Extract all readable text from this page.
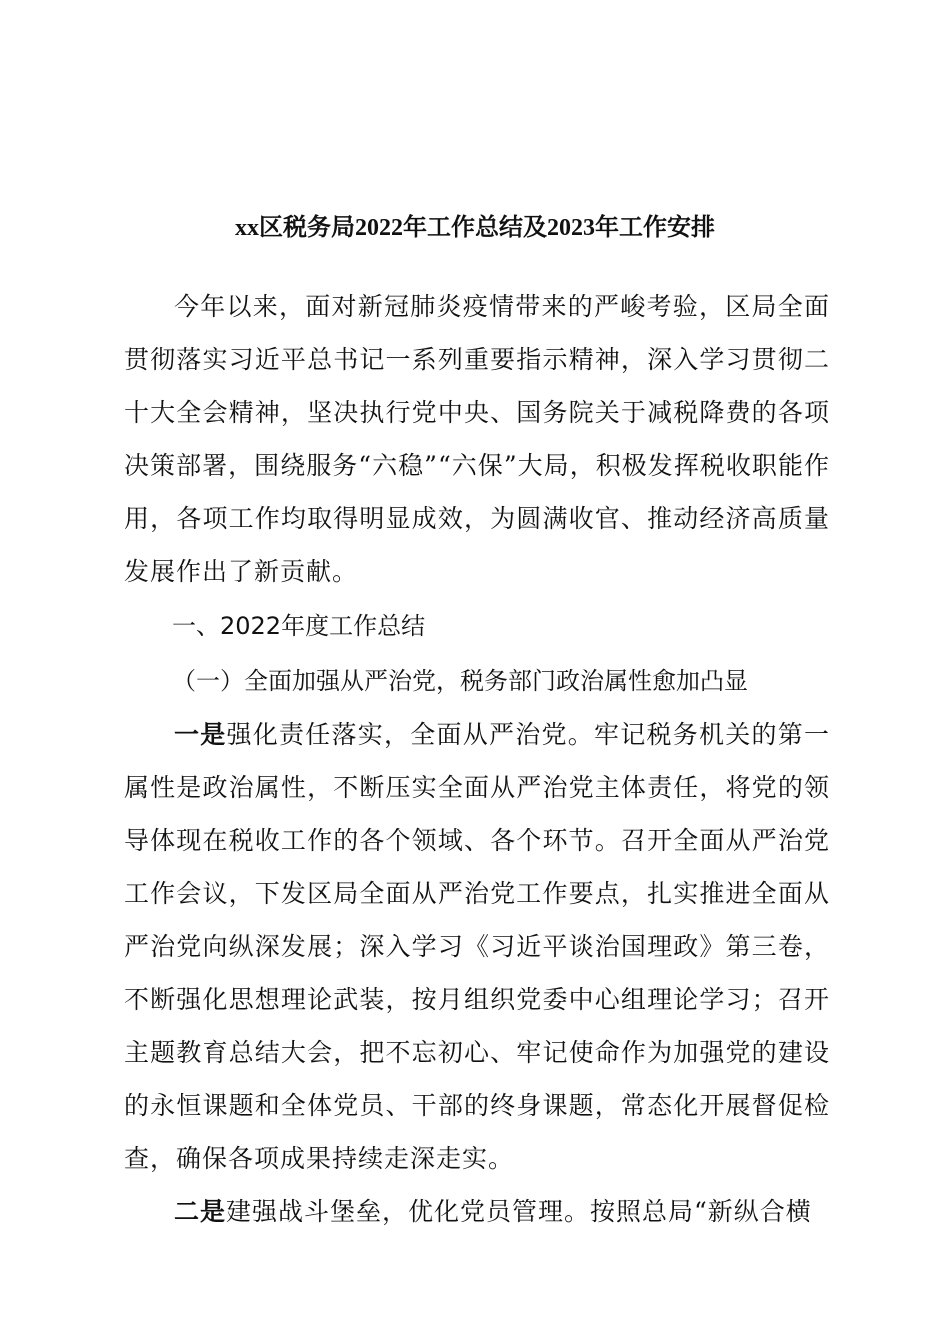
xx区税务局2022年工作总结及2023年工作安排

今年以来，面对新冠肺炎疫情带来的严峻考验，区局全面贯彻落实习近平总书记一系列重要指示精神，深入学习贯彻二十大全会精神，坚决执行党中央、国务院关于减税降费的各项决策部署，围绕服务“六稳”“六保”大局，积极发挥税收职能作用，各项工作均取得明显成效，为圆满收官、推动经济高质量发展作出了新贡献。

一、2022年度工作总结

（一）全面加强从严治党，税务部门政治属性愈加凸显

一是强化责任落实，全面从严治党。牢记税务机关的第一属性是政治属性，不断压实全面从严治党主体责任，将党的领导体现在税收工作的各个领域、各个环节。召开全面从严治党工作会议，下发区局全面从严治党工作要点，扎实推进全面从严治党向纵深发展；深入学习《习近平谈治国理政》第三卷，不断强化思想理论武装，按月组织党委中心组理论学习；召开主题教育总结大会，把不忘初心、牢记使命作为加强党的建设的永恒课题和全体党员、干部的终身课题，常态化开展督促检查，确保各项成果持续走深走实。

二是建强战斗堡垒，优化党员管理。按照总局“新纵合横
